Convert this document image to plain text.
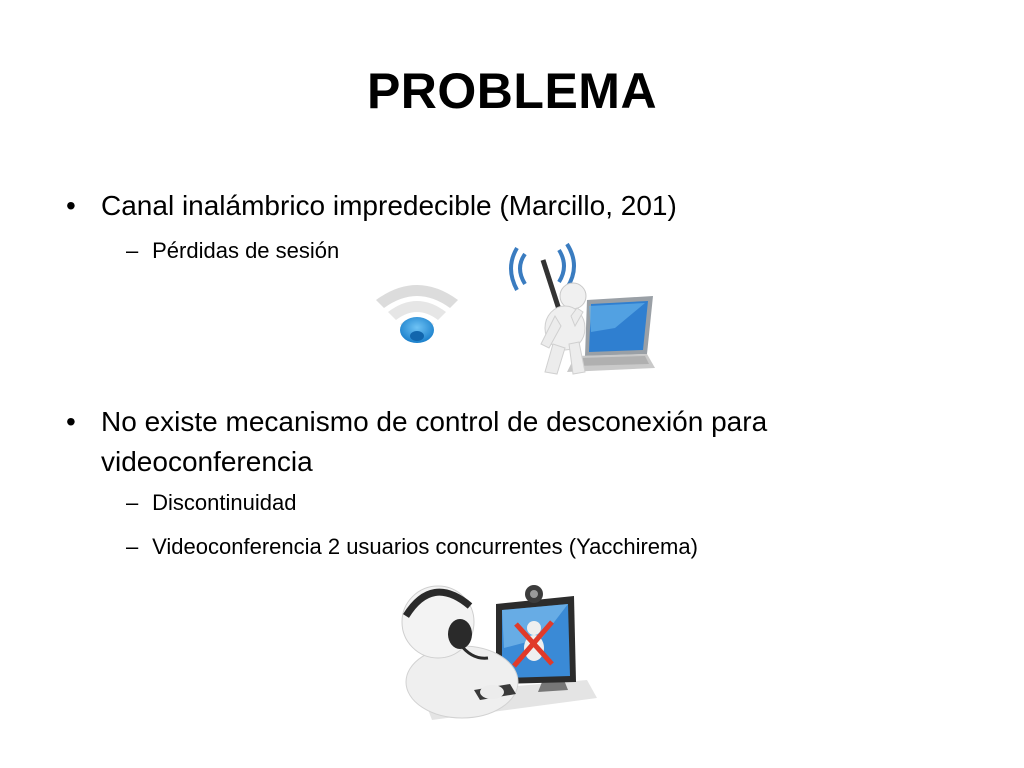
PROBLEMA
• Canal inalámbrico impredecible (Marcillo, 201)
– Pérdidas de sesión
• No existe mecanismo de control de desconexión para videoconferencia
– Discontinuidad
– Videoconferencia 2 usuarios concurrentes (Yacchirema)
